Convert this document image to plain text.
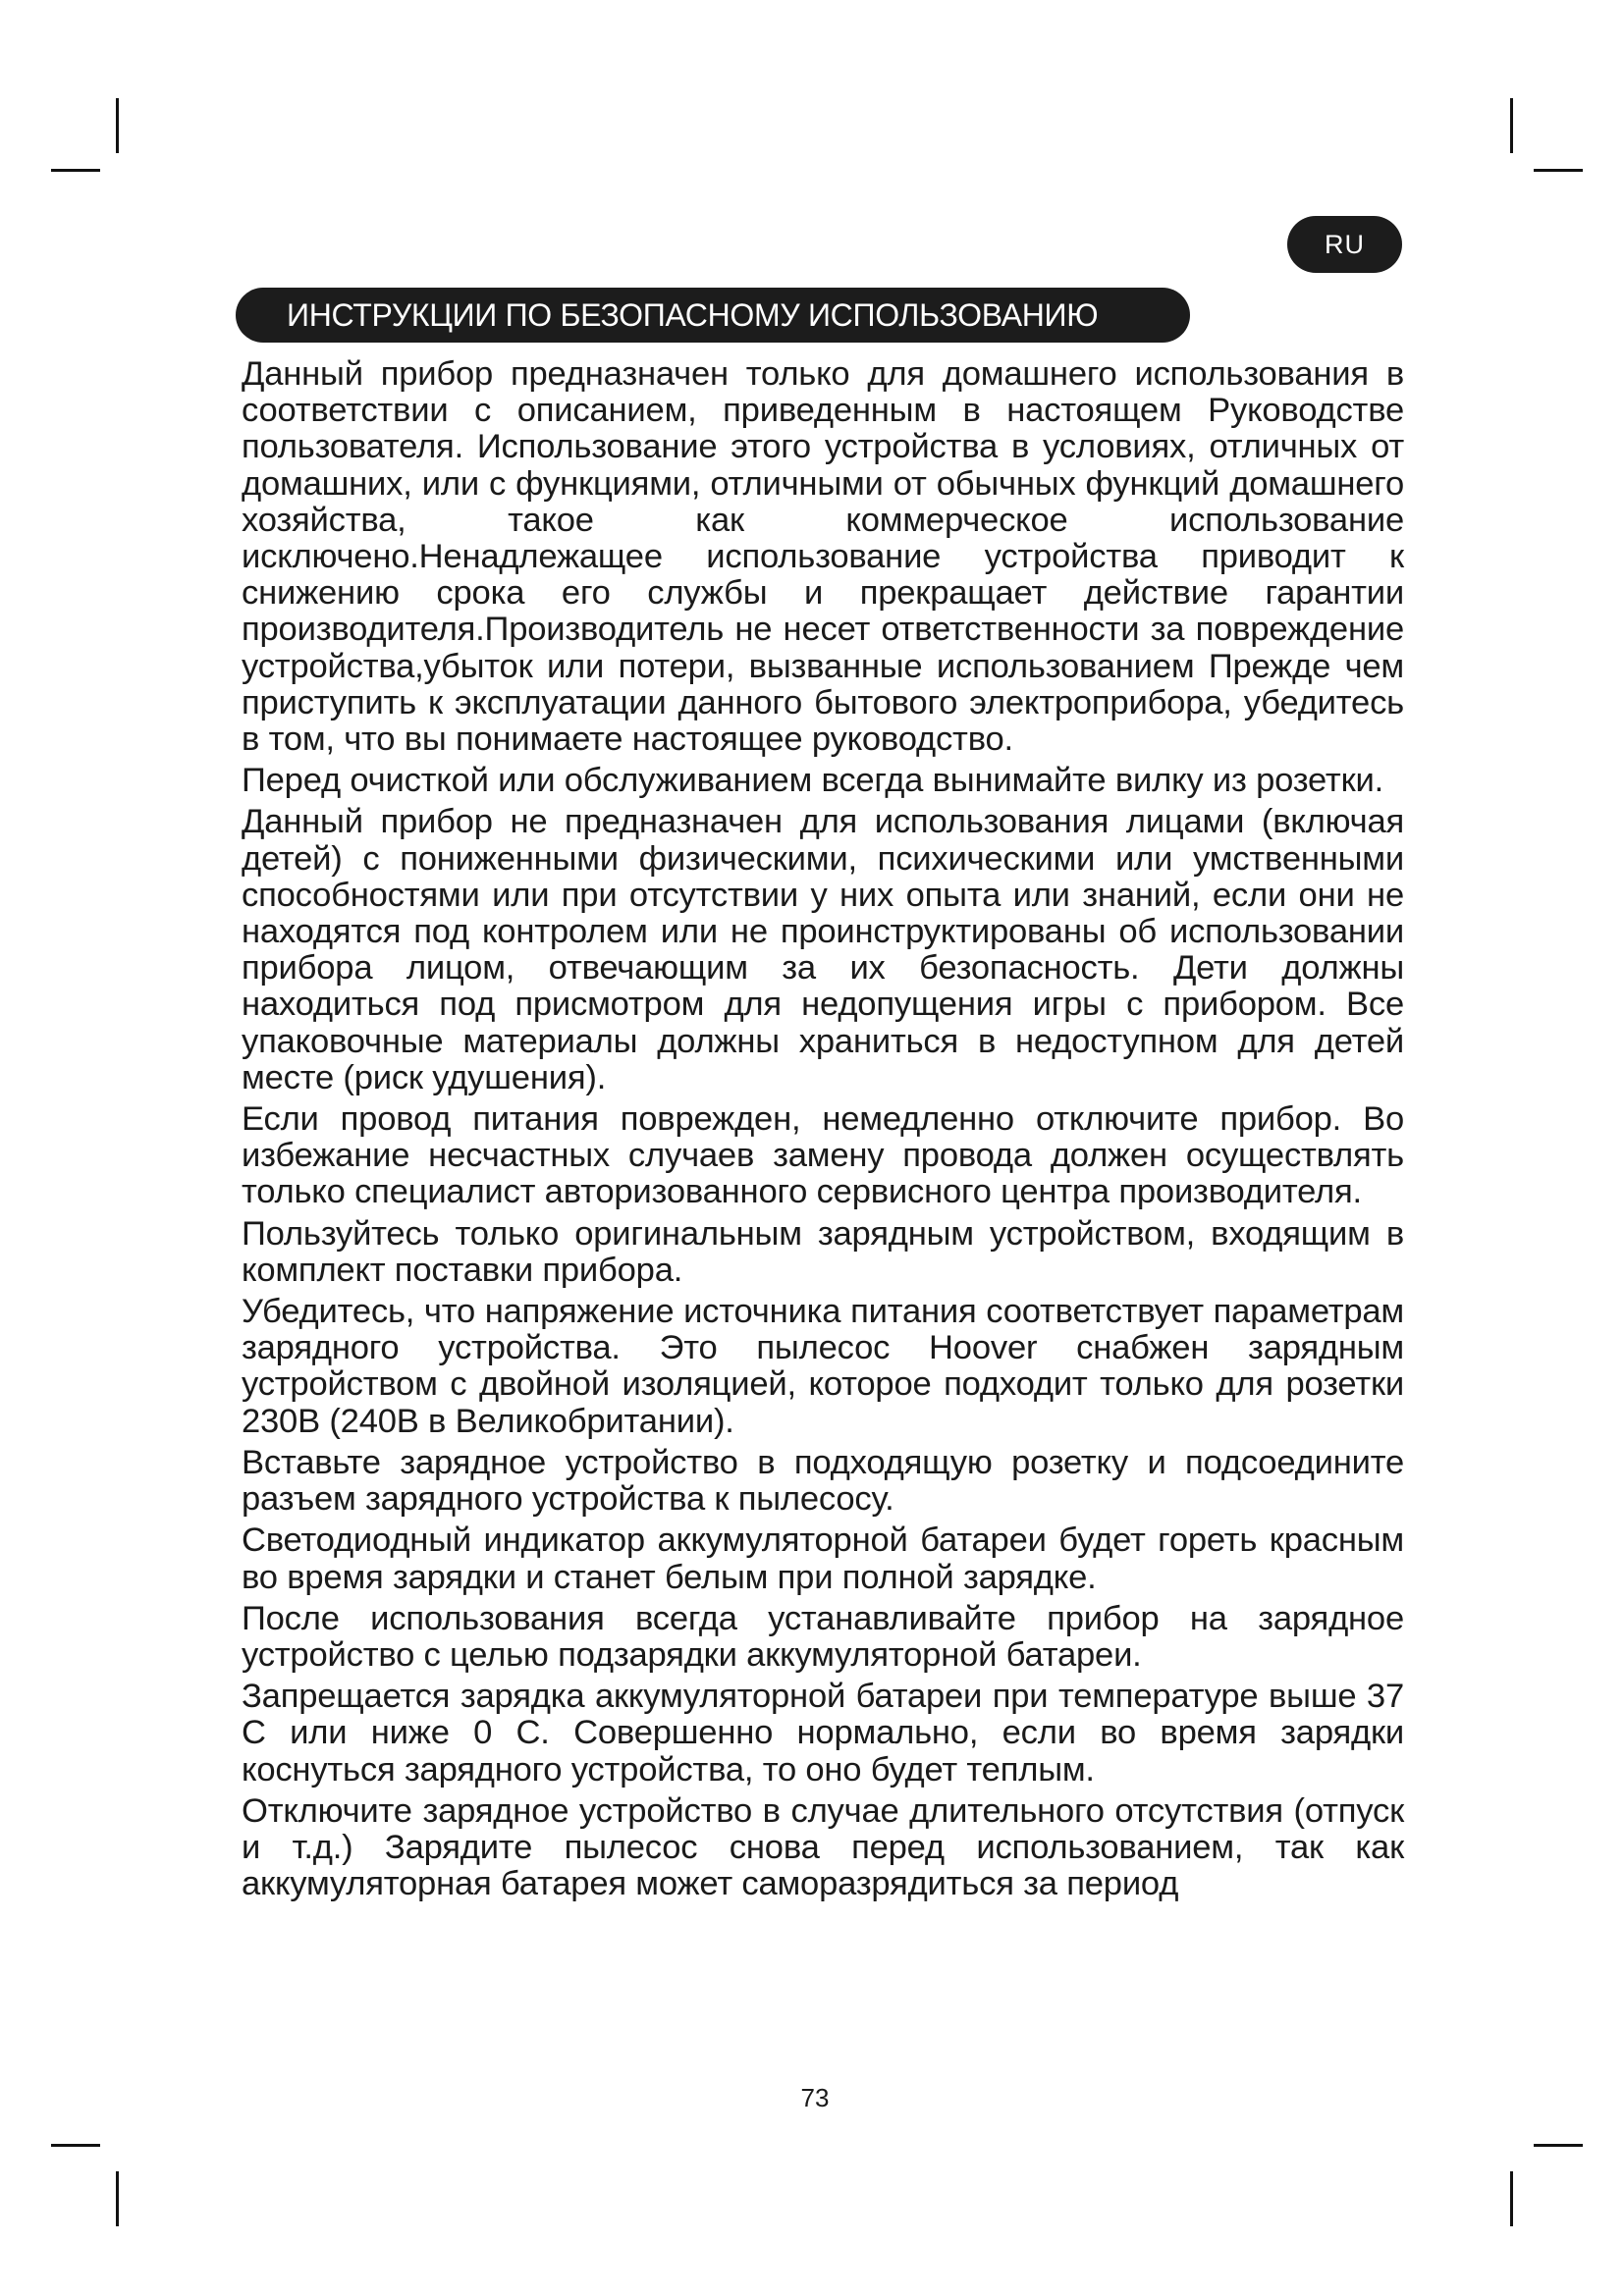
RU
ИНСТРУКЦИИ ПО БЕЗОПАСНОМУ ИСПОЛЬЗОВАНИЮ

Данный прибор предназначен только для домашнего использования в соответствии с описанием, приведенным в настоящем Руководстве пользователя. Использование этого устройства в условиях, отличных от домашних, или с функциями, отличными от обычных функций домашнего хозяйства, такое как коммерческое использование исключено.Ненадлежащее использование устройства приводит к снижению срока его службы и прекращает действие гарантии производителя.Производитель не несет ответственности за повреждение устройства,убыток или потери, вызванные использованием Прежде чем приступить к эксплуатации данного бытового электроприбора, убедитесь в том, что вы понимаете настоящее руководство.

Перед очисткой или обслуживанием всегда вынимайте вилку из розетки.

Данный прибор не предназначен для использования лицами (включая детей) с пониженными физическими, психическими или умственными способностями или при отсутствии у них опыта или знаний, если они не находятся под контролем или не проинструктированы об использовании прибора лицом, отвечающим за их безопасность. Дети должны находиться под присмотром для недопущения игры с прибором. Все упаковочные материалы должны храниться в недоступном для детей месте (риск удушения).

Если провод питания поврежден, немедленно отключите прибор. Во избежание несчастных случаев замену провода должен осуществлять только специалист авторизованного сервисного центра производителя.

Пользуйтесь только оригинальным зарядным устройством, входящим в комплект поставки прибора.

Убедитесь, что напряжение источника питания соответствует параметрам зарядного устройства. Это пылесос Hoover снабжен зарядным устройством с двойной изоляцией, которое подходит только для розетки 230В (240В в Великобритании).

Вставьте зарядное устройство в подходящую розетку и подсоедините разъем зарядного устройства к пылесосу.

Светодиодный индикатор аккумуляторной батареи будет гореть красным во время зарядки и станет белым при полной зарядке.

После использования всегда устанавливайте прибор на зарядное устройство с целью подзарядки аккумуляторной батареи.

Запрещается зарядка аккумуляторной батареи при температуре выше 37 С или ниже 0 С. Совершенно нормально, если во время зарядки коснуться зарядного устройства, то оно будет теплым.

Отключите зарядное устройство в случае длительного отсутствия (отпуск и т.д.) Зарядите пылесос снова перед использованием, так как аккумуляторная батарея может саморазрядиться за период

73
